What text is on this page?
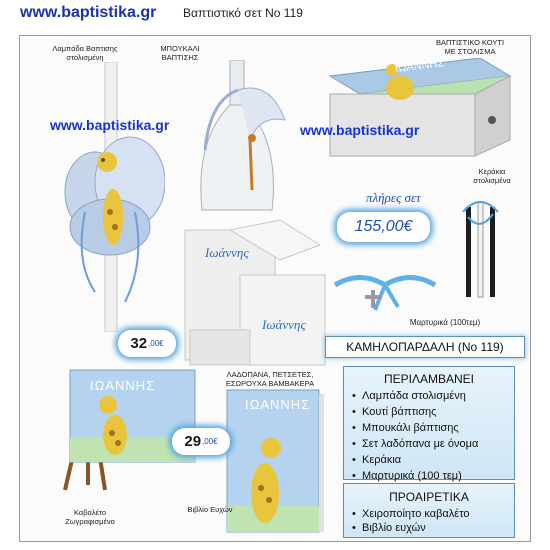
www.baptistika.gr Βαπτιστικό σετ Νο 119
Λαμπάδα Βαπτισης
στολισμένη
ΜΠΟΥΚΑΛΙ
ΒΑΠΤΙΣΗΣ
ΒΑΠΤΙΣΤΙΚΟ ΚΟΥΤΙ
ΜΕ ΣΤΟΛΙΣΜΑ
Κεράκια
στολισμένα
ΙΩΑΝΝΗΣ
www.baptistika.gr	www.baptistika.gr
πλήρες σετ
155,00€
Μαρτυρικά (100τεμ)
Ιωάννης
Ιωάννης
ΚΑΜΗΛΟΠΑΡΔΑΛΗ (Νο 119)
32 ,00€
ΛΑΔΟΠΑΝΑ, ΠΕΤΣΕΤΕΣ,
ΕΣΩΡΟΥΧΑ ΒΑΜΒΑΚΕΡΑ	ΠΕΡΙΛΑΜΒΑΝΕΙ
• Λαμπάδα στολισμένη
• Κουτί βάπτισης
• Μπουκάλι βάπτισης
• Σετ λαδόπανα με όνομα
• Κεράκια
• Μαρτυρικά (100 τεμ)
ΠΡΟΑΙΡΕΤΙΚΑ
• Χειροποίητο καβαλέτο
• Βιβλίο ευχών
ΙΩΑΝΝΗΣ
ΙΩΑΝΝΗΣ
29 ,00€
Βιβλίο Ευχών
Καβαλέτο
Ζωγραφισμένο
